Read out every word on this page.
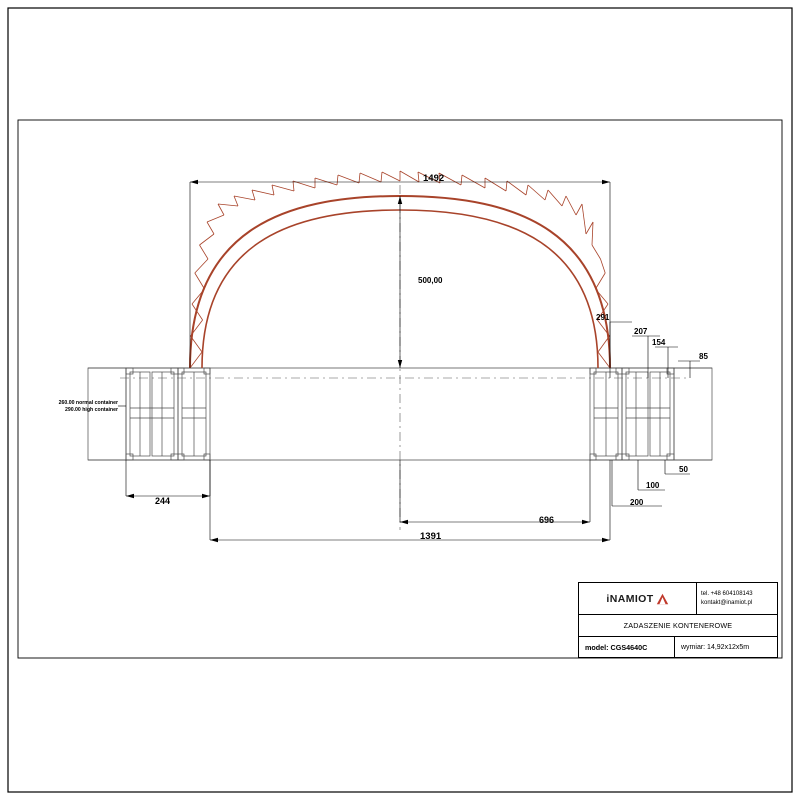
1492
500,00
291
207
154
85
50
100
200
244
696
1391
260.00 normal container
290.00 high container
iNAMIOT	tel. +48 604108143
kontakt@inamiot.pl
ZADASZENIE KONTENEROWE
model: CGS4640C	wymiar: 14,92x12x5m
